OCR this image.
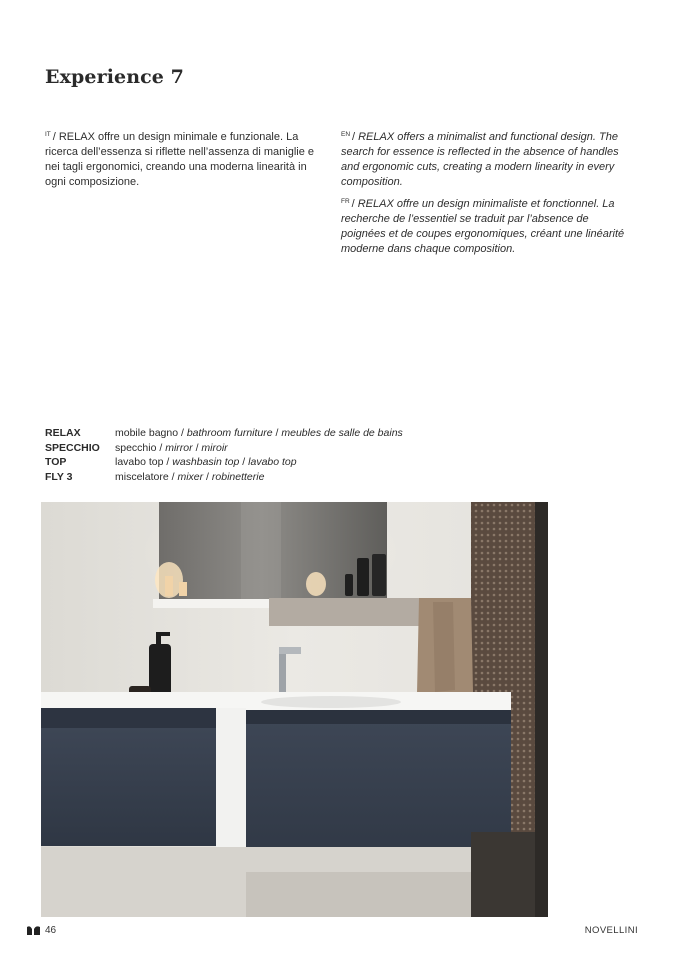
Experience 7

$^{IT}$ / RELAX offre un design minimale e funzionale. La ricerca dell’essenza si riflette nell’assenza di maniglie e nei tagli ergonomici, creando una moderna linearità in ogni composizione.

$^{EN}$ / RELAX offers a minimalist and functional design. The search for essence is reflected in the absence of handles and ergonomic cuts, creating a modern linearity in every composition.

$^{FR}$ / RELAX offre un design minimaliste et fonctionnel. La recherche de l’essentiel se traduit par l’absence de poignées et de coupes ergonomiques, créant une linéarité moderne dans chaque composition.

RELAX	mobile bagno / bathroom furniture / meubles de salle de bains
SPECCHIO	specchio / mirror / miroir
TOP	lavabo top / washbasin top / lavabo top
FLY 3	miscelatore / mixer / robinetterie
46	NOVELLINI
